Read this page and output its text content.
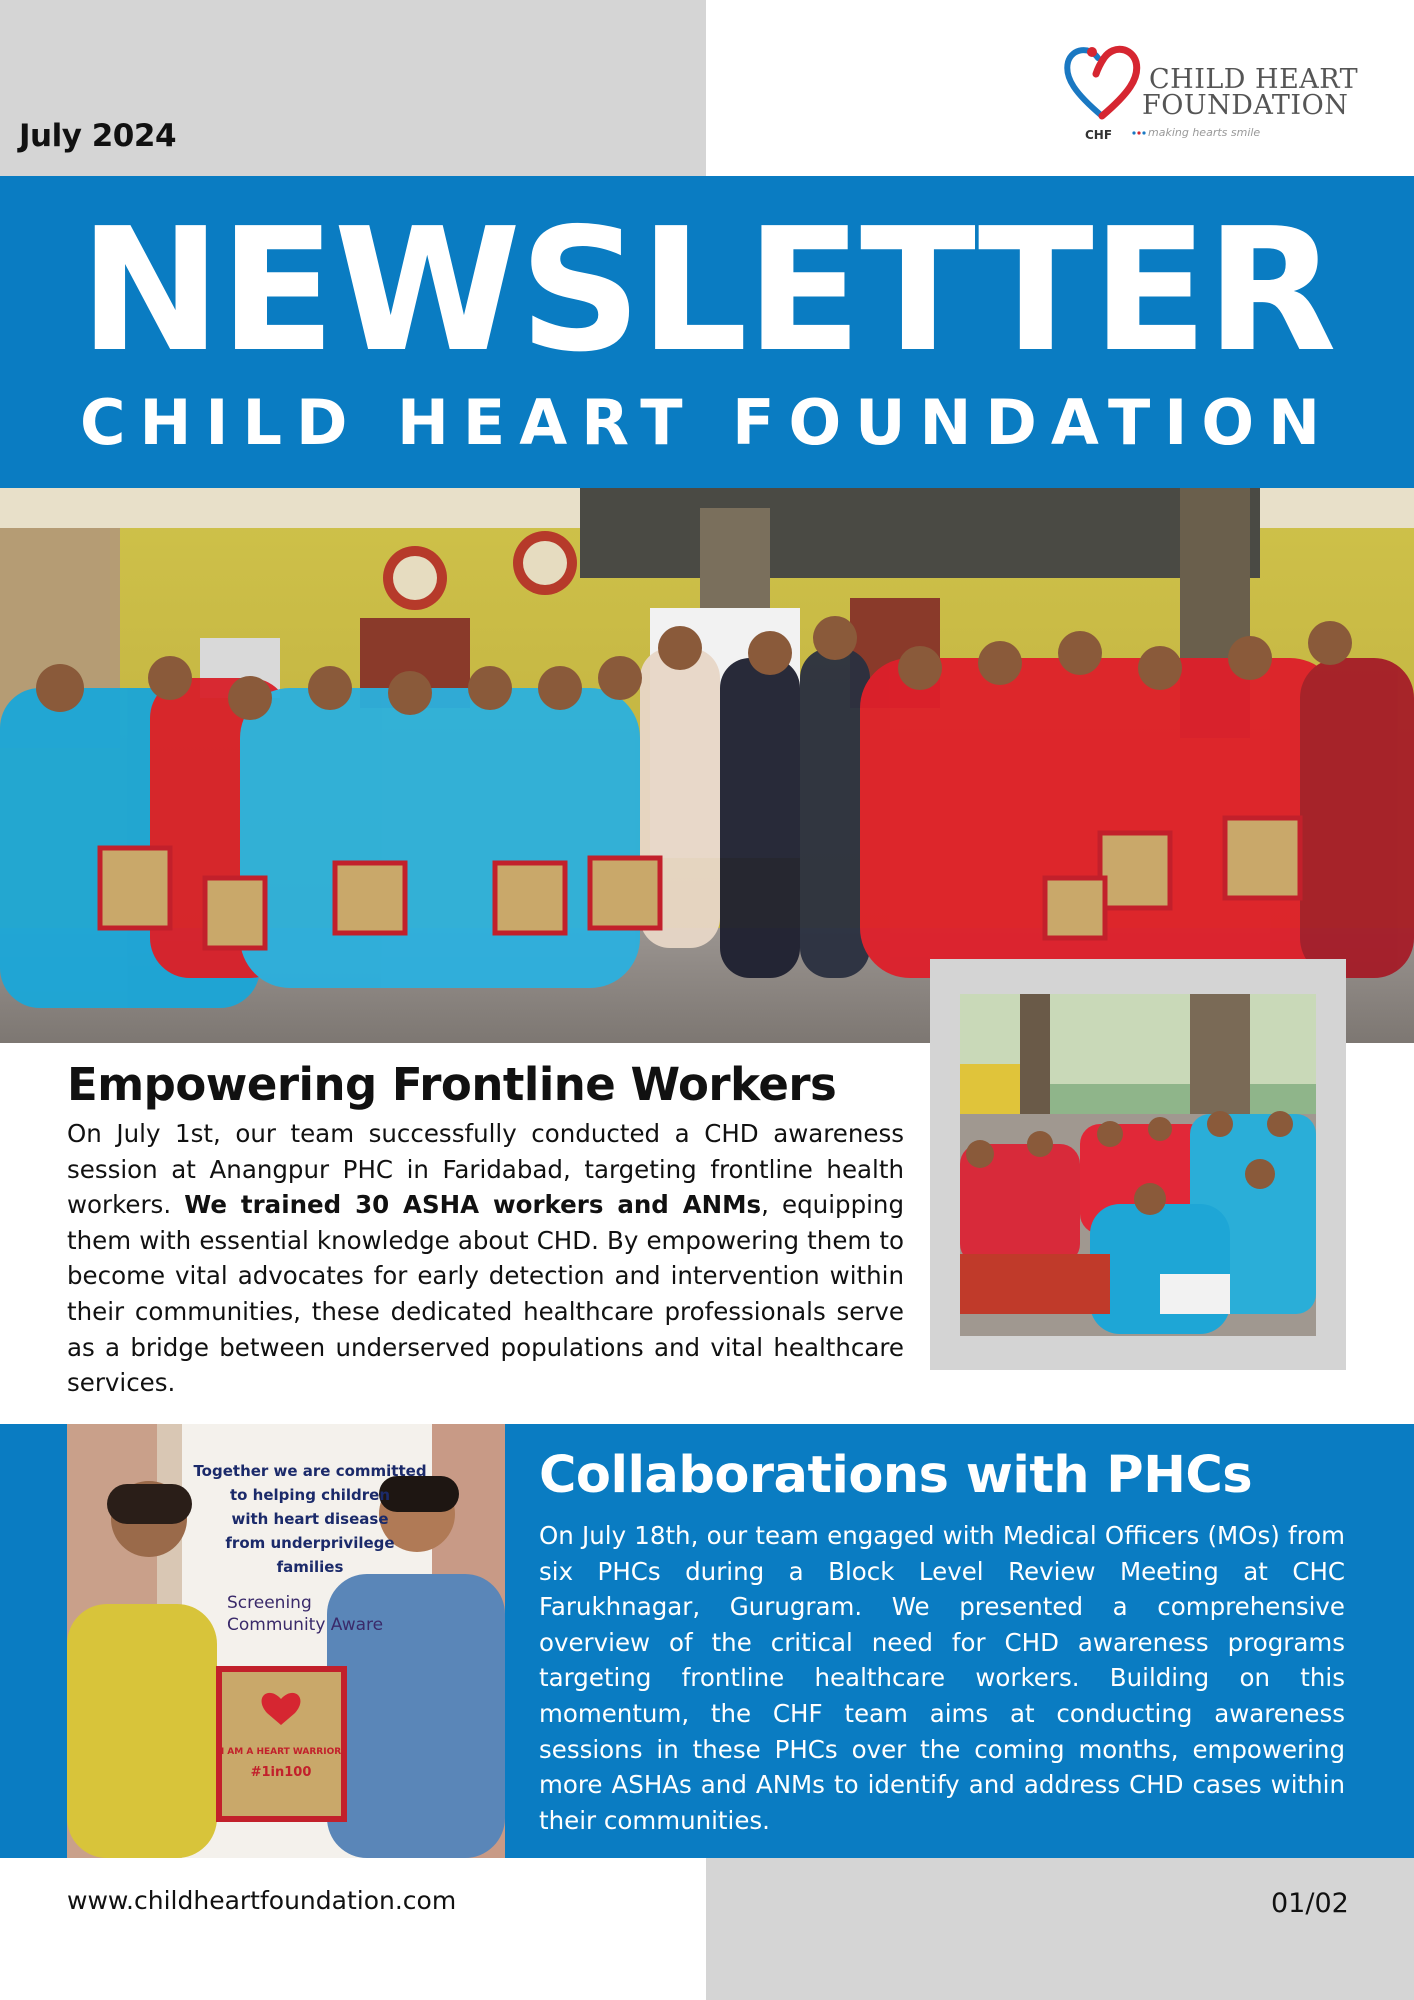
July 2024	CHF
CHILD HEART
FOUNDATION
making hearts smile
NEWSLETTER
CHILD HEART FOUNDATION
Empowering Frontline Workers
On July 1st, our team successfully conducted a CHD awareness session at Anangpur PHC in Faridabad, targeting frontline health workers. We trained 30 ASHA workers and ANMs, equipping them with essential knowledge about CHD. By empowering them to become vital advocates for early detection and intervention within their communities, these dedicated healthcare professionals serve as a bridge between underserved populations and vital healthcare services.
I AM A HEART WARRIOR
#1in100
Together we are committed
to helping children
with heart disease
from underprivilege
families
Screening
Community Aware
Collaborations with PHCs
On July 18th, our team engaged with Medical Officers (MOs) from six PHCs during a Block Level Review Meeting at CHC Farukhnagar, Gurugram. We presented a comprehensive overview of the critical need for CHD awareness programs targeting frontline healthcare workers. Building on this momentum, the CHF team aims at conducting awareness sessions in these PHCs over the coming months, empowering more ASHAs and ANMs to identify and address CHD cases within their communities.
www.childheartfoundation.com	01/02
